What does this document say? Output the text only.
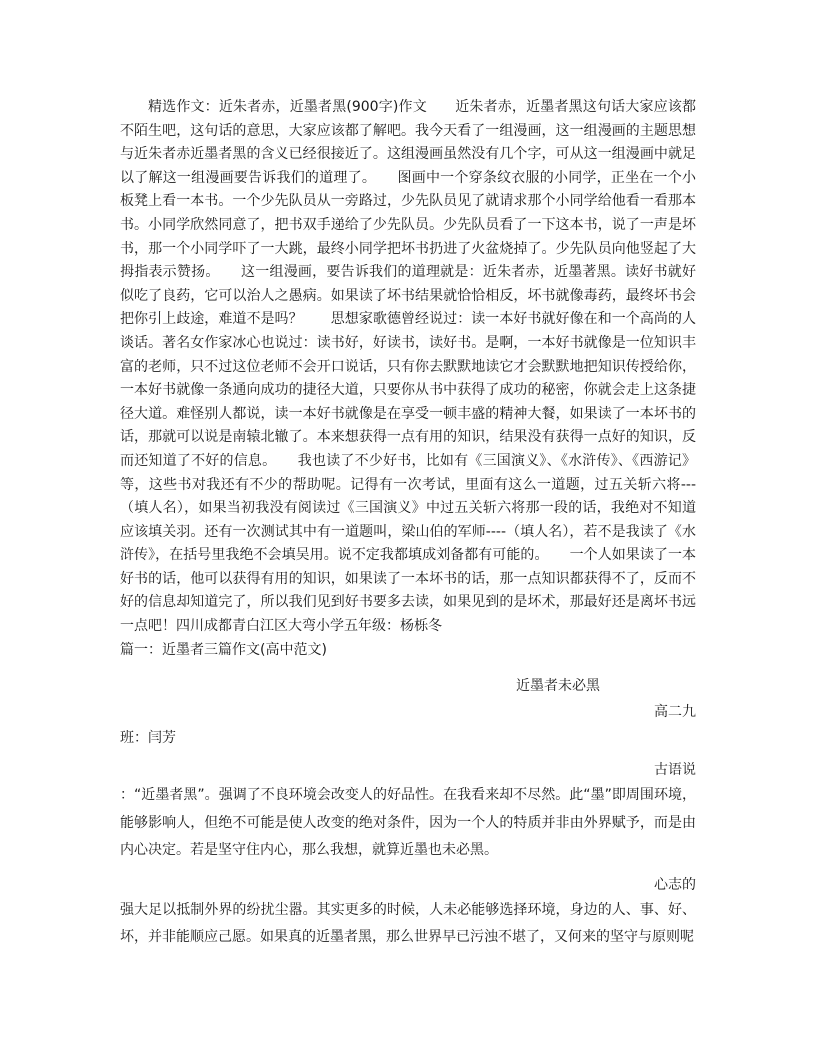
精选作文：近朱者赤，近墨者黑(900字)作文　　近朱者赤，近墨者黑这句话大家应该都不陌生吧，这句话的意思，大家应该都了解吧。我今天看了一组漫画，这一组漫画的主题思想与近朱者赤近墨者黑的含义已经很接近了。这组漫画虽然没有几个字，可从这一组漫画中就足以了解这一组漫画要告诉我们的道理了。　　图画中一个穿条纹衣服的小同学，正坐在一个小板凳上看一本书。一个少先队员从一旁路过，少先队员见了就请求那个小同学给他看一看那本书。小同学欣然同意了，把书双手递给了少先队员。少先队员看了一下这本书，说了一声是坏书，那一个小同学吓了一大跳，最终小同学把坏书扔进了火盆烧掉了。少先队员向他竖起了大拇指表示赞扬。　　这一组漫画，要告诉我们的道理就是：近朱者赤，近墨著黑。读好书就好似吃了良药，它可以治人之愚病。如果读了坏书结果就恰恰相反，坏书就像毒药，最终坏书会把你引上歧途，难道不是吗？　　思想家歌德曾经说过：读一本好书就好像在和一个高尚的人谈话。著名女作家冰心也说过：读书好，好读书，读好书。是啊，一本好书就像是一位知识丰富的老师，只不过这位老师不会开口说话，只有你去默默地读它才会默默地把知识传授给你，一本好书就像一条通向成功的捷径大道，只要你从书中获得了成功的秘密，你就会走上这条捷径大道。难怪别人都说，读一本好书就像是在享受一顿丰盛的精神大餐，如果读了一本坏书的话，那就可以说是南辕北辙了。本来想获得一点有用的知识，结果没有获得一点好的知识，反而还知道了不好的信息。　　我也读了不少好书，比如有《三国演义》、《水浒传》、《西游记》等，这些书对我还有不少的帮助呢。记得有一次考试，里面有这么一道题，过五关斩六将---（填人名），如果当初我没有阅读过《三国演义》中过五关斩六将那一段的话，我绝对不知道应该填关羽。还有一次测试其中有一道题叫，梁山伯的军师----（填人名），若不是我读了《水浒传》，在括号里我绝不会填吴用。说不定我都填成刘备都有可能的。　　一个人如果读了一本好书的话，他可以获得有用的知识，如果读了一本坏书的话，那一点知识都获得不了，反而不好的信息却知道完了，所以我们见到好书要多去读，如果见到的是坏术，那最好还是离坏书远一点吧！四川成都青白江区大弯小学五年级：杨栎冬

篇一：近墨者三篇作文(高中范文)

近墨者未必黑

高二九

班：闫芳

古语说

：“近墨者黑”。强调了不良环境会改变人的好品性。在我看来却不尽然。此“墨”即周围环境，能够影响人，但绝不可能是使人改变的绝对条件，因为一个人的特质并非由外界赋予，而是由内心决定。若是坚守住内心，那么我想，就算近墨也未必黑。

心志的

强大足以抵制外界的纷扰尘嚣。其实更多的时候，人未必能够选择环境，身边的人、事、好、坏，并非能顺应己愿。如果真的近墨者黑，那么世界早已污浊不堪了，又何来的坚守与原则呢
